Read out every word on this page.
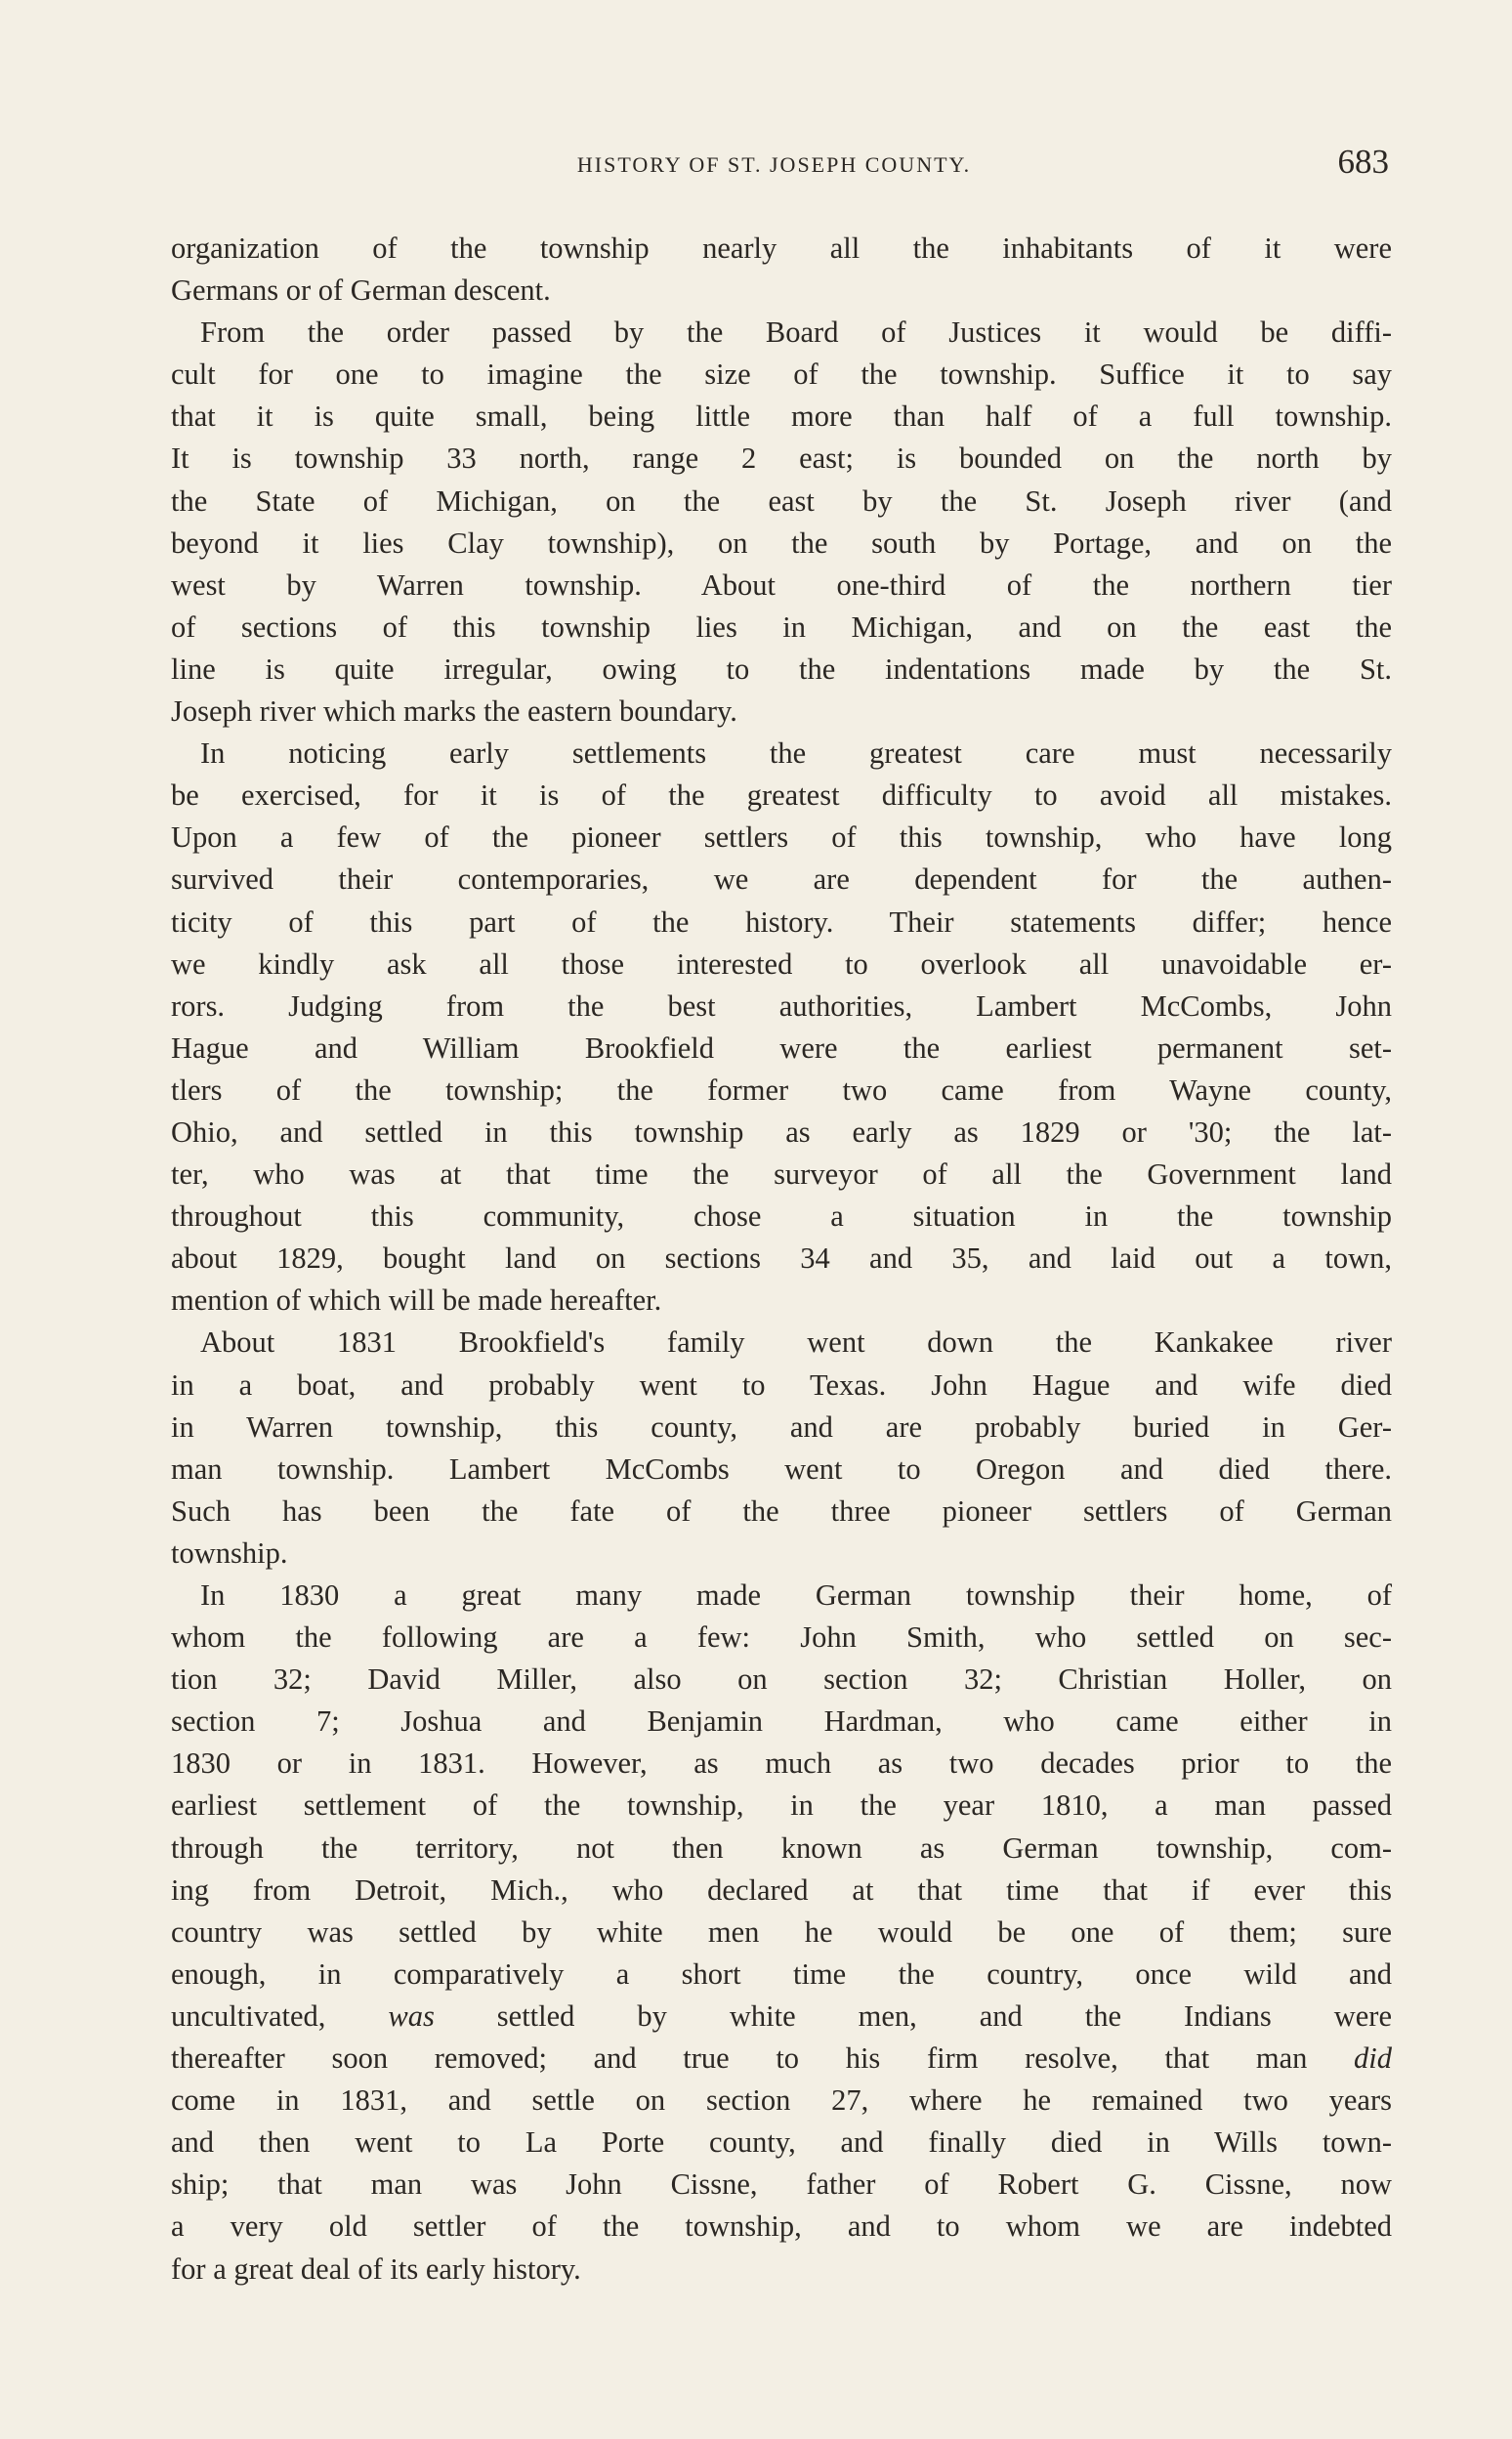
HISTORY OF ST. JOSEPH COUNTY.	683
organization of the township nearly all the inhabitants of it were
Germans or of German descent.
From the order passed by the Board of Justices it would be diffi-
cult for one to imagine the size of the township. Suffice it to say
that it is quite small, being little more than half of a full township.
It is township 33 north, range 2 east; is bounded on the north by
the State of Michigan, on the east by the St. Joseph river (and
beyond it lies Clay township), on the south by Portage, and on the
west by Warren township. About one-third of the northern tier
of sections of this township lies in Michigan, and on the east the
line is quite irregular, owing to the indentations made by the St.
Joseph river which marks the eastern boundary.
In noticing early settlements the greatest care must necessarily
be exercised, for it is of the greatest difficulty to avoid all mistakes.
Upon a few of the pioneer settlers of this township, who have long
survived their contemporaries, we are dependent for the authen-
ticity of this part of the history. Their statements differ; hence
we kindly ask all those interested to overlook all unavoidable er-
rors. Judging from the best authorities, Lambert McCombs, John
Hague and William Brookfield were the earliest permanent set-
tlers of the township; the former two came from Wayne county,
Ohio, and settled in this township as early as 1829 or '30; the lat-
ter, who was at that time the surveyor of all the Government land
throughout this community, chose a situation in the township
about 1829, bought land on sections 34 and 35, and laid out a town,
mention of which will be made hereafter.
About 1831 Brookfield's family went down the Kankakee river
in a boat, and probably went to Texas. John Hague and wife died
in Warren township, this county, and are probably buried in Ger-
man township. Lambert McCombs went to Oregon and died there.
Such has been the fate of the three pioneer settlers of German
township.
In 1830 a great many made German township their home, of
whom the following are a few: John Smith, who settled on sec-
tion 32; David Miller, also on section 32; Christian Holler, on
section 7; Joshua and Benjamin Hardman, who came either in
1830 or in 1831. However, as much as two decades prior to the
earliest settlement of the township, in the year 1810, a man passed
through the territory, not then known as German township, com-
ing from Detroit, Mich., who declared at that time that if ever this
country was settled by white men he would be one of them; sure
enough, in comparatively a short time the country, once wild and
uncultivated, was settled by white men, and the Indians were
thereafter soon removed; and true to his firm resolve, that man did
come in 1831, and settle on section 27, where he remained two years
and then went to La Porte county, and finally died in Wills town-
ship; that man was John Cissne, father of Robert G. Cissne, now
a very old settler of the township, and to whom we are indebted
for a great deal of its early history.
